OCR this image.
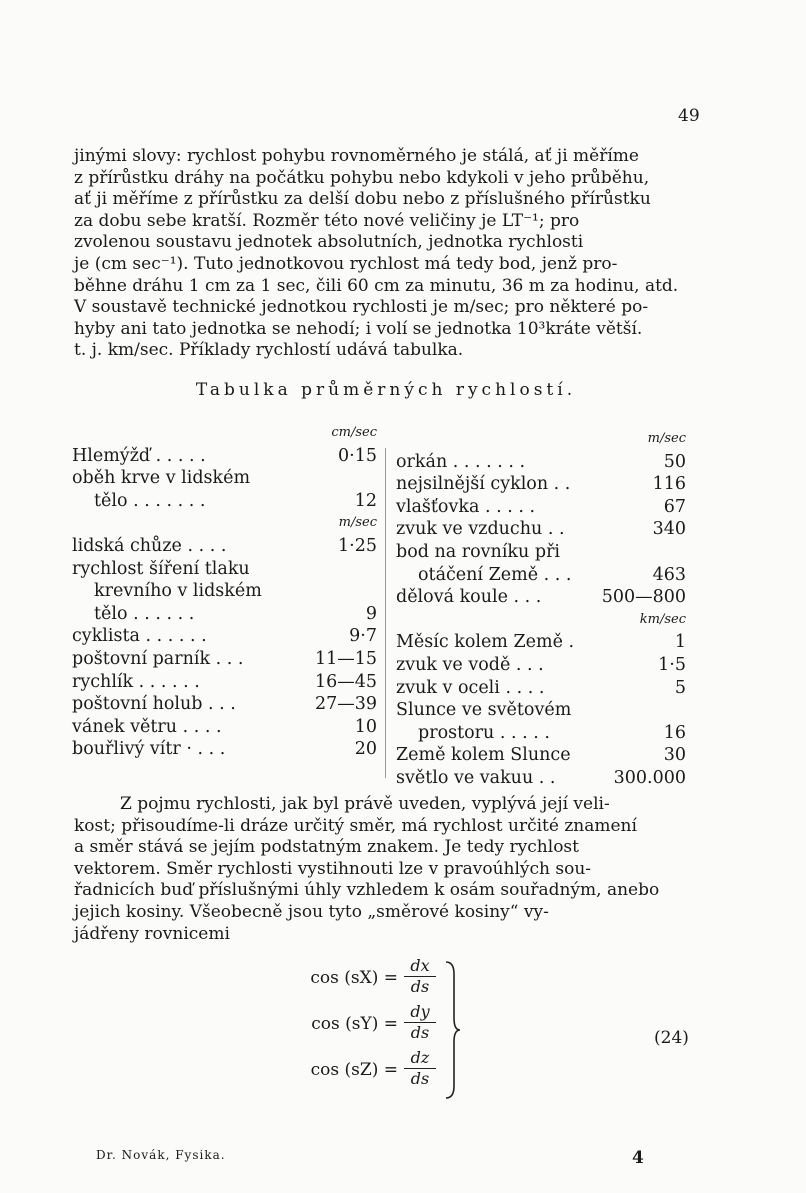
49

jinými slovy: rychlost pohybu rovnoměrného je stálá, ať ji měříme

z přírůstku dráhy na počátku pohybu nebo kdykoli v jeho průběhu,

ať ji měříme z přírůstku za delší dobu nebo z příslušného přírůstku

za dobu sebe kratší. Rozměr této nové veličiny je LT⁻¹; pro

zvolenou soustavu jednotek absolutních, jednotka rychlosti

je (cm sec⁻¹). Tuto jednotkovou rychlost má tedy bod, jenž pro-

běhne dráhu 1 cm za 1 sec, čili 60 cm za minutu, 36 m za hodinu, atd.

V soustavě technické jednotkou rychlosti je m/sec; pro některé po-

hyby ani tato jednotka se nehodí; i volí se jednotka 10³kráte větší.

t. j. km/sec. Příklady rychlostí udává tabulka.

Tabulka průměrných rychlostí.
cm/sec
Hlemýžď . . . . .	0·15
oběh krve v lidském
tělo . . . . . . .	12
m/sec
lidská chůze . . . .	1·25
rychlost šíření tlaku
krevního v lidském
tělo . . . . . .	9
cyklista . . . . . .	9·7
poštovní parník . . .	11—15
rychlík . . . . . .	16—45
poštovní holub . . .	27—39
vánek větru . . . .	10
bouřlivý vítr · . . .	20
m/sec
orkán . . . . . . .	50
nejsilnější cyklon . .	116
vlašťovka . . . . .	67
zvuk ve vzduchu . .	340
bod na rovníku při
otáčení Země . . .	463
dělová koule . . .	500—800
km/sec
Měsíc kolem Země .	1
zvuk ve vodě . . .	1·5
zvuk v oceli . . . .	5
Slunce ve světovém
prostoru . . . . .	16
Země kolem Slunce	30
světlo ve vakuu . .	300.000

Z pojmu rychlosti, jak byl právě uveden, vyplývá její veli-

kost; přisoudíme-li dráze určitý směr, má rychlost určité znamení

a směr stává se jejím podstatným znakem. Je tedy rychlost

vektorem. Směr rychlosti vystihnouti lze v pravoúhlých sou-

řadnicích buď příslušnými úhly vzhledem k osám souřadným, anebo

jejich kosiny. Všeobecně jsou tyto „směrové kosiny“ vy-

jádřeny rovnicemi

$\cos (sX) = \frac{dx}{ds}$
$\cos (sY) = \frac{dy}{ds}$
$\cos (sZ) = \frac{dz}{ds}$
(24)
Dr. Novák, Fysika.	4
